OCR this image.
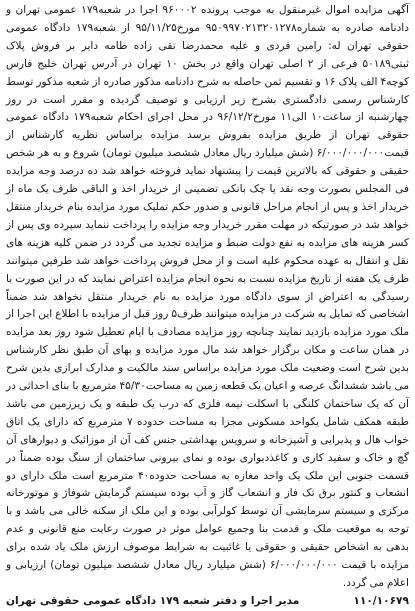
آگهی مزایده اموال غیرمنقول به موجب پرونده ۹۶۰۰۰۲ اجرا در شعبه۱۷۹ عمومی تهران و دادنامه صادره به شماره۹۵۰۹۹۷۰۲۱۳۲۰۱۲۷۸ مورخ۹۵/۱۱/۲۵ از شعبه۱۷۹ دادگاه عمومی حقوقی تهران له: رامین فردی و علیه محمدرضا تقی زاده طامه دایر بر فروش پلاک ثبتی۵۰۱۸۹ فرعی از ۲ اصلی تهران واقع در بخش ۱۰ تهران در آدرس تهران خلیج فارس کوچه۴ الف پلاک ۱۶ و تقسیم ثمن حاصله به شرح دادنامه مذکور صادره از شعبه مذکور توسط کارشناس رسمی دادگستری بشرح زیر ارزیابی و توصیف گردیده و مقرر است در روز چهارشنبه از ساعت۱۰ الی۱۱ مورخ۹۶/۱۲/۲ در محل اجرای احکام شعبه۱۷۹ دادگاه عمومی حقوقی تهران از طریق مزایده بفروش برسد مزایده براساس نظریه کارشناس از قیمت۶/۰۰۰/۰۰۰/۰۰۰ (شش میلیارد ریال معادل ششصد میلیون تومان) شروع و به هر شخص حقیقی و حقوقی که بالاترین قیمت را پیشنهاد نماید فروخته خواهد شد ده درصد وجه مزایده فی المجلس بصورت وجه نقد یا چک بانکی تضمینی از خریدار اخذ و الباقی ظرف یک ماه از خریدار اخذ و پس از انجام مراحل قانونی و صدور حکم تملیک مورد مزایده بنام خریدار منتقل خواهد شد در صورتیکه در مهلت مقرر خریدار وجه مزایده را پرداخت ننماید سپرده وی پس از کسر هزینه های مزایده به نفع دولت ضبط و مزایده تجدید می گردد در ضمن کلیه هزینه های نقل و انتقال به عهده محکوم علیه است و از محل فروش پرداخت خواهد شد طرفین میتوانند ظرف یک هفته از تاریخ مزایده نسبت به نحوه انجام مزایده اعتراض نمایند که در این صورت با رسیدگی به اعتراض از سوی دادگاه مورد مزایده به نام خریدار منتقل نخواهد شد ضمناً اشخاصی که تمایل به شرکت در مزایده میتوانند ظرف۵ روز قبل از مزایده با اطلاع این اجرا از ملک مورد مزایده بازدید نمایند چنانچه روز مزایده مصادف با ایام تعطیل شود روز بعد مزایده در همان ساعت و مکان برگزار خواهد شد مال مورد مزایده و بهای آن طبق نظر کارشناس بدین شرح است وضعیت ملک مورد مزایده براساس سند مالکیت و مدارک ابرازی بدین شرح می باشد ششدانگ عرصه و اعیان یک قطعه زمین به مساحت۴۵/۳۰ مترمربع با بنای احداثی در آن که یک ساختمان کلنگی با اسکلت نیمه فلزی که درب یک طبقه و یک زیرزمین می باشد طبقه همکف شامل یکواحد مسکونی مجزا به مساحت حدوده ۷ مترمربع که دارای یک اتاق خواب هال و پذیرایی و آشپزخانه و سرویس بهداشتی جنس کف آن از موزائیک و دیوارهای آن گچ و خاک و سفید کاری و کاغذدیواری بوده و نمای بیرونی ساختمان از سنگ بوده ضمناً در قسمت جنوبی این ملک یک واحد مغازه به مساحت حدوده۴۰ مترمربع است ملک دارای دو انشعاب و کنتور برق تک فاز و انشعاب گاز و آب بوده سیستم گرمایش شوفاژ و موتورخانه مرکزی و سیستم سرمایشی آن توسط کولرآبی بوده و این ملک از سکنه خالی می باشد و با توجه به موقعیت ملک و قدمت بنا وجمیع عوامل موثر در صورت رعایت منع قانونی و عدم بدهی به اشخاص حقیقی و حقوقی یا غائبیت به شرایط موصوف ارزش ملک یاد شده برای مزایده با قیمت ۶/۰۰۰/۰۰۰/۰۰۰ (شش میلیارد ریال معادل ششصد میلیون تومان) ارزیابی و اعلام می گردد.

۱۱۰/۱۰۶۷۹
مدیر اجرا و دفتر شعبه ۱۷۹ دادگاه عمومی حقوقی تهران
